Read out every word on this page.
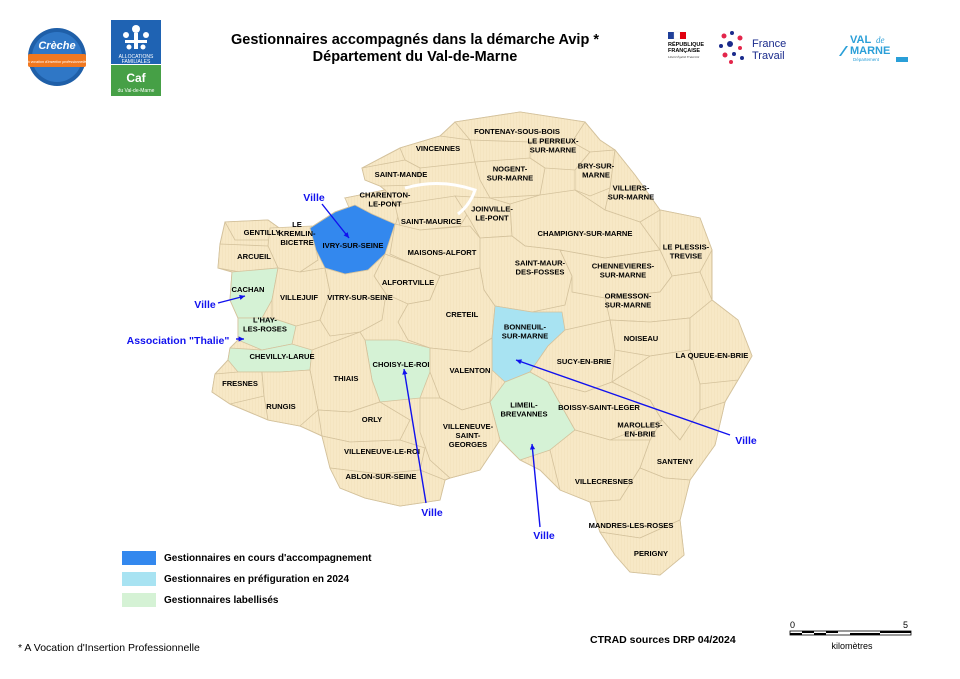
Gestionnaires accompagnés dans la démarche Avip *
Département du Val-de-Marne
Crèche
à vocation d'insertion professionnelle
ALLOCATIONS
FAMILIALES
Caf
du Val-de-Marne
RÉPUBLIQUE
FRANÇAISE
Liberté Égalité Fraternité
France
Travail
VAL de
MARNE
Département
FONTENAY-SOUS-BOIS
VINCENNES
LE PERREUX-SUR-MARNE
SAINT-MANDE
NOGENT-SUR-MARNE
BRY-SUR-MARNE
VILLIERS-SUR-MARNE
CHARENTON-LE-PONT
SAINT-MAURICE
JOINVILLE-LE-PONT
CHAMPIGNY-SUR-MARNE
GENTILLY
LE KREMLIN-BICETRE	IVRY-SUR-SEINE
MAISONS-ALFORT
LE PLESSIS-TREVISE
ARCUEIL
SAINT-MAUR-DES-FOSSES
CHENNEVIERES-SUR-MARNE
CACHAN
VILLEJUIF
ALFORTVILLE
VITRY-SUR-SEINE	ORMESSON-SUR-MARNE
CRETEIL
L'HAY-LES-ROSES	BONNEUIL-SUR-MARNE	NOISEAU
CHEVILLY-LARUE
SUCY-EN-BRIE
LA QUEUE-EN-BRIE
CHOISY-LE-ROI
THIAIS
VALENTON
FRESNES
RUNGIS	LIMEIL-BREVANNES
BOISSY-SAINT-LEGER
ORLY
MAROLLES-EN-BRIE
VILLENEUVE-SAINT-GEORGES
SANTENY
VILLENEUVE-LE-ROI
ABLON-SUR-SEINE
VILLECRESNES
MANDRES-LES-ROSES
PERIGNY
Ville
Ville
Association "Thalie"
Ville
Ville
Ville
Gestionnaires en cours d'accompagnement
Gestionnaires en préfiguration en 2024
Gestionnaires labellisés
* A Vocation d'Insertion Professionnelle
CTRAD sources DRP 04/2024
0	5
kilomètres
